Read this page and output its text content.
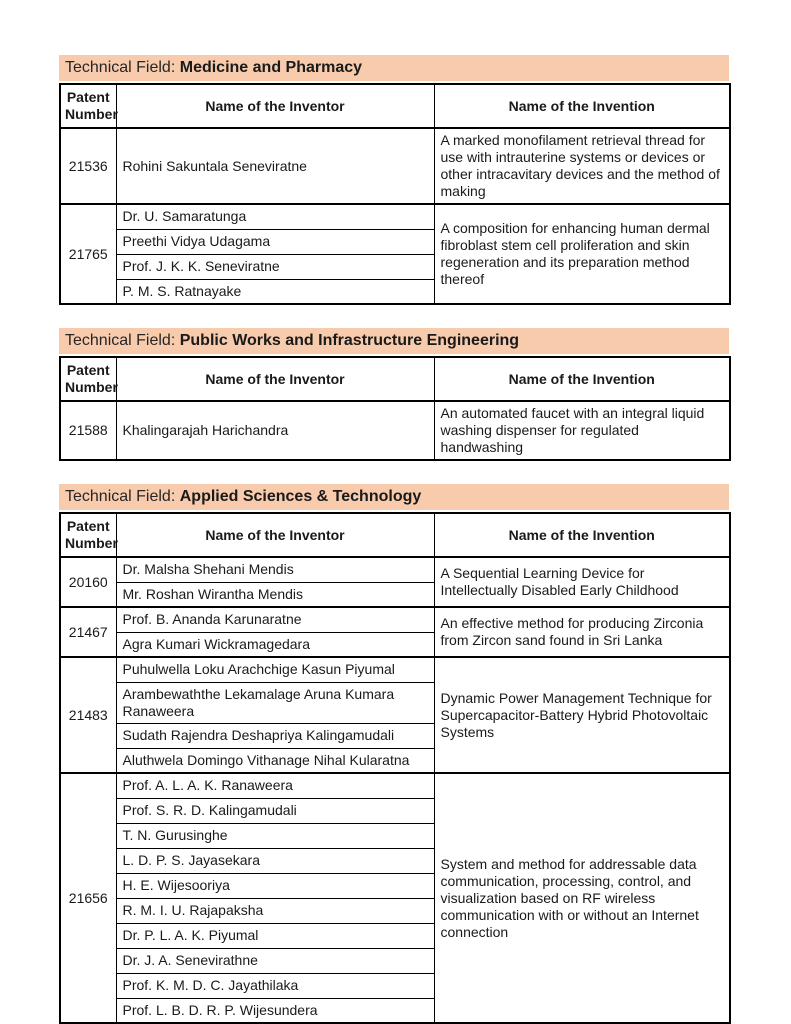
Technical Field: Medicine and Pharmacy
Patent Number	Name of the Inventor	Name of the Invention
21536	Rohini Sakuntala Seneviratne	A marked monofilament retrieval thread for use with intrauterine systems or devices or other intracavitary devices and the method of making
21765	Dr. U. Samaratunga	A composition for enhancing human dermal fibroblast stem cell proliferation and skin regeneration and its preparation method thereof
	Preethi Vidya Udagama	
	Prof. J. K. K. Seneviratne	
	P. M. S. Ratnayake	
Technical Field: Public Works and Infrastructure Engineering
Patent Number	Name of the Inventor	Name of the Invention
21588	Khalingarajah Harichandra	An automated faucet with an integral liquid washing dispenser for regulated handwashing
Technical Field: Applied Sciences & Technology
Patent Number	Name of the Inventor	Name of the Invention
20160	Dr. Malsha Shehani Mendis	A Sequential Learning Device for Intellectually Disabled Early Childhood
	Mr. Roshan Wirantha Mendis	
21467	Prof. B. Ananda Karunaratne	An effective method for producing Zirconia from Zircon sand found in Sri Lanka
	Agra Kumari Wickramagedara	
21483	Puhulwella Loku Arachchige Kasun Piyumal	Dynamic Power Management Technique for Supercapacitor-Battery Hybrid Photovoltaic Systems
	Arambewaththe Lekamalage Aruna Kumara Ranaweera	
	Sudath Rajendra Deshapriya Kalingamudali	
	Aluthwela Domingo Vithanage Nihal Kularatna	
21656	Prof. A. L. A. K. Ranaweera	System and method for addressable data communication, processing, control, and visualization based on RF wireless communication with or without an Internet connection
	Prof. S. R. D. Kalingamudali	
	T. N. Gurusinghe	
	L. D. P. S. Jayasekara	
	H. E. Wijesooriya	
	R. M. I. U. Rajapaksha	
	Dr. P. L. A. K. Piyumal	
	Dr. J. A. Senevirathne	
	Prof. K. M. D. C. Jayathilaka	
	Prof. L. B. D. R. P. Wijesundera	
